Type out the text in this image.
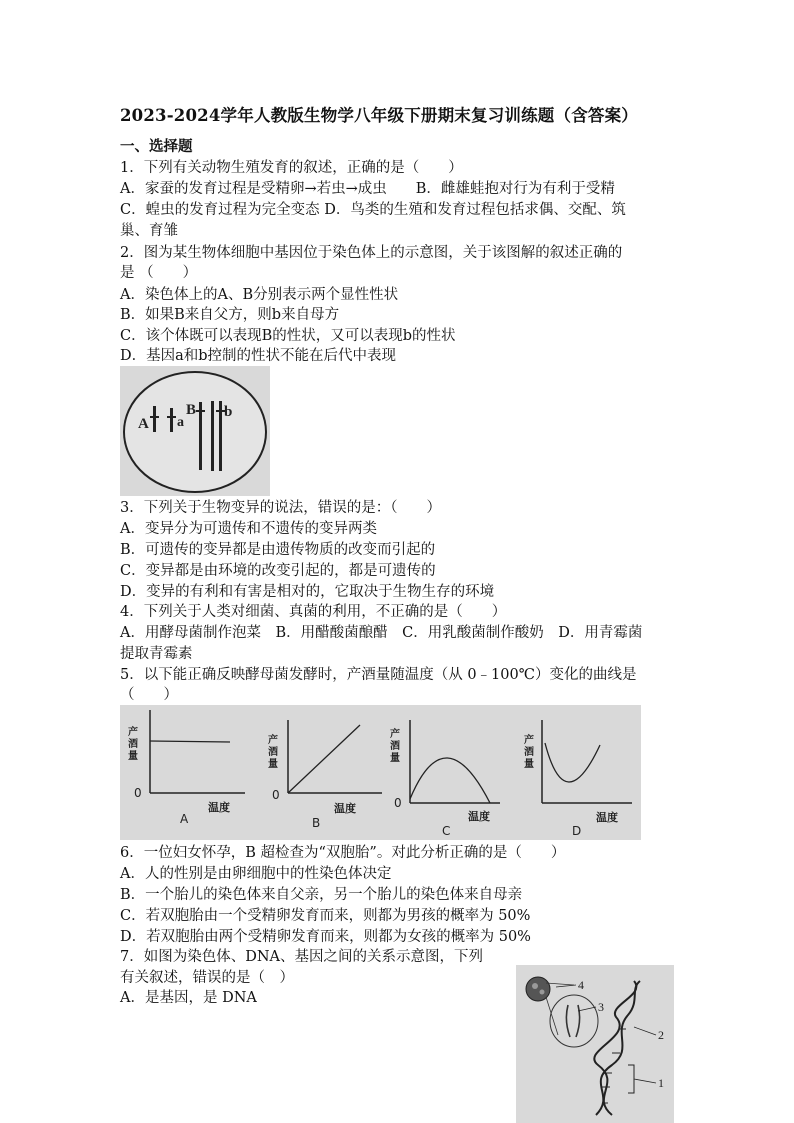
2023-2024学年人教版生物学八年级下册期末复习训练题（含答案）
一、选择题
1．下列有关动物生殖发育的叙述，正确的是（　　）
A．家蚕的发育过程是受精卵→若虫→成虫　　B．雌雄蛙抱对行为有利于受精
C．蝗虫的发育过程为完全变态 D．鸟类的生殖和发育过程包括求偶、交配、筑
巢、育雏
2．图为某生物体细胞中基因位于染色体上的示意图，关于该图解的叙述正确的
是 （　　）
A．染色体上的A、B分别表示两个显性性状
B．如果B来自父方，则b来自母方
C．该个体既可以表现B的性状，又可以表现b的性状
D．基因a和b控制的性状不能在后代中表现
A a
B b
3．下列关于生物变异的说法，错误的是：（　　）
A．变异分为可遗传和不遗传的变异两类
B．可遗传的变异都是由遗传物质的改变而引起的
C．变异都是由环境的改变引起的，都是可遗传的
D．变异的有利和有害是相对的，它取决于生物生存的环境
4．下列关于人类对细菌、真菌的利用，不正确的是（　　）
A．用酵母菌制作泡菜　B．用醋酸菌酿醋　C．用乳酸菌制作酸奶　D．用青霉菌
提取青霉素
5．以下能正确反映酵母菌发酵时，产酒量随温度（从 0﹣100℃）变化的曲线是
（　　）
产
酒
量
0
温度
A
产
酒
量
0
温度
B
产
酒
量
0
温度
C
产
酒
量
温度
D
6．一位妇女怀孕，B 超检查为“双胞胎”。对此分析正确的是（　　）
A．人的性别是由卵细胞中的性染色体决定
B．一个胎儿的染色体来自父亲，另一个胎儿的染色体来自母亲
C．若双胞胎由一个受精卵发育而来，则都为男孩的概率为 50%
D．若双胞胎由两个受精卵发育而来，则都为女孩的概率为 50%
7．如图为染色体、DNA、基因之间的关系示意图，下列
有关叙述，错误的是（　）
A．是基因，是 DNA
4
3
2
1
